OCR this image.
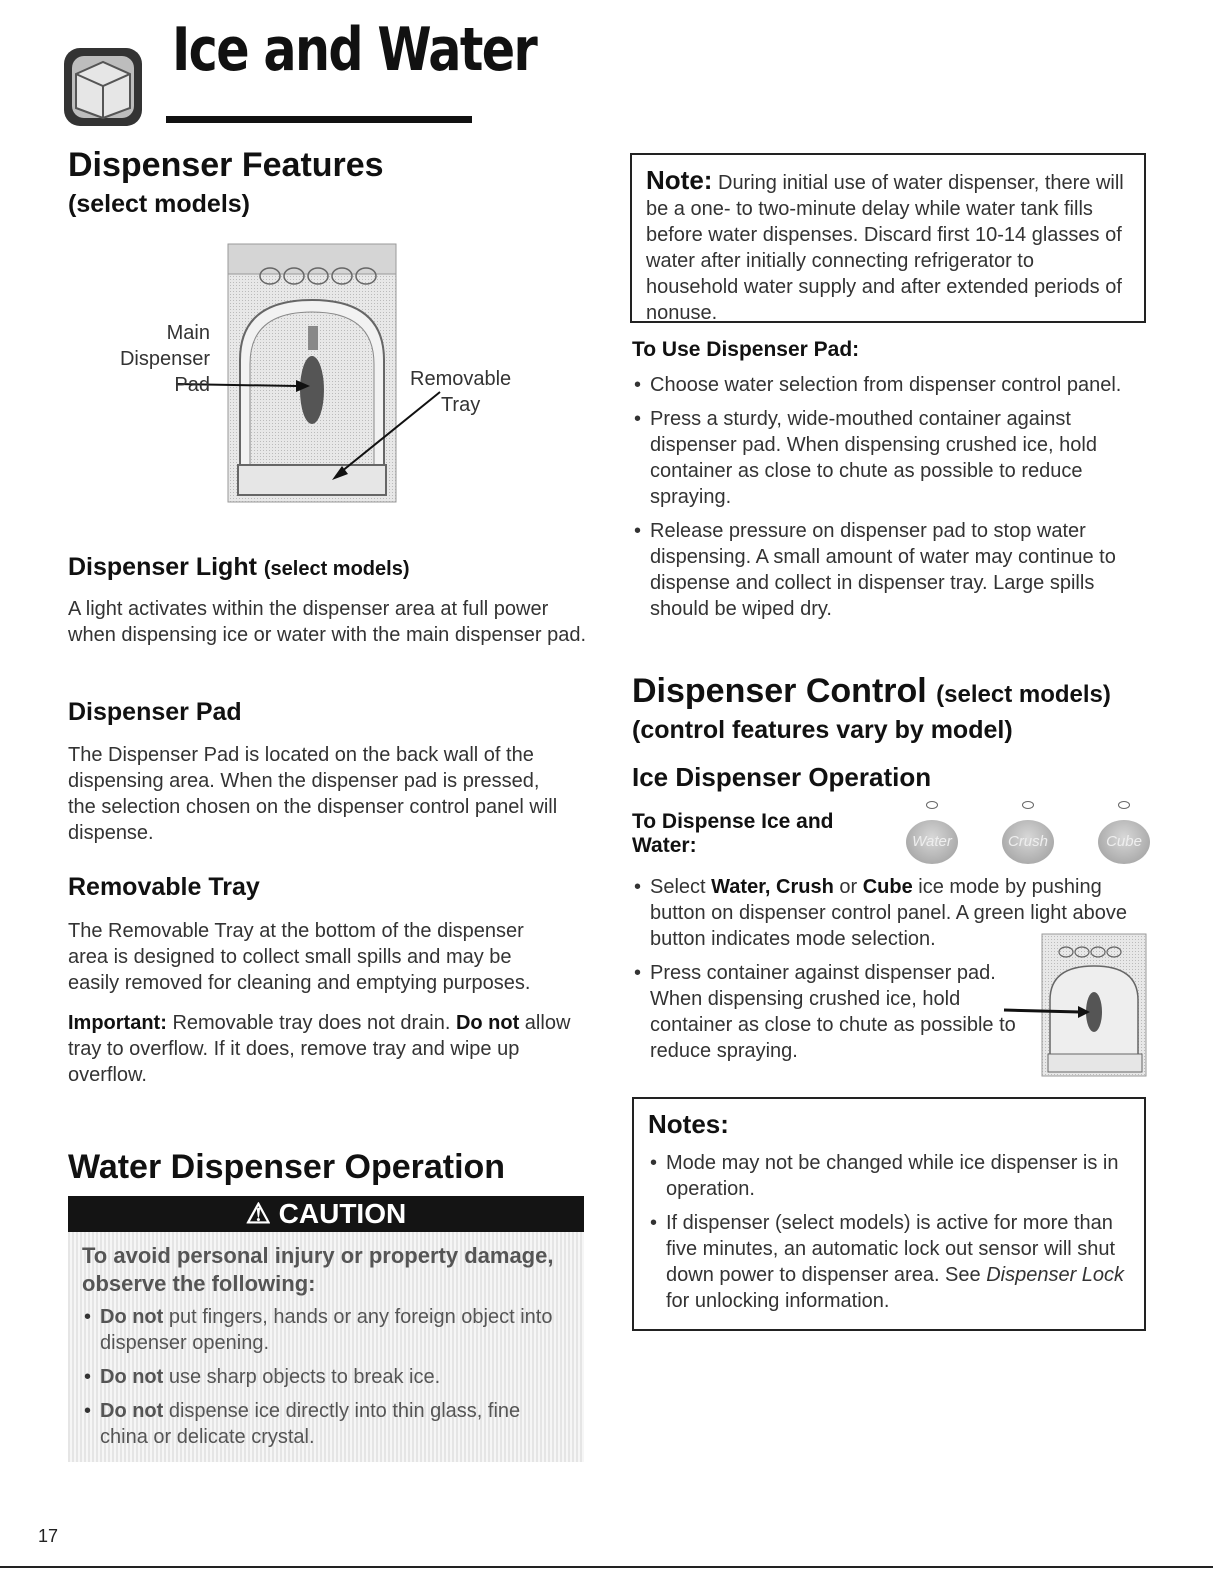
Ice and Water
Dispenser Features
(select models)
Main
Dispenser
Pad	Removable
Tray
Dispenser Light (select models)

A light activates within the dispenser area at full power when dispensing ice or water with the main dispenser pad.

Dispenser Pad

The Dispenser Pad is located on the back wall of the dispensing area. When the dispenser pad is pressed, the selection chosen on the dispenser control panel will dispense.

Removable Tray

The Removable Tray at the bottom of the dispenser area is designed to collect small spills and may be easily removed for cleaning and emptying purposes.

Important: Removable tray does not drain. Do not allow tray to overflow. If it does, remove tray and wipe up overflow.

Water Dispenser Operation
⚠ CAUTION
To avoid personal injury or property damage, observe the following:
• Do not put fingers, hands or any foreign object into dispenser opening.
• Do not use sharp objects to break ice.
• Do not dispense ice directly into thin glass, fine china or delicate crystal.

Note: During initial use of water dispenser, there will be a one- to two-minute delay while water tank fills before water dispenses. Discard first 10-14 glasses of water after initially connecting refrigerator to household water supply and after extended periods of nonuse.

To Use Dispenser Pad:
• Choose water selection from dispenser control panel.
• Press a sturdy, wide-mouthed container against dispenser pad. When dispensing crushed ice, hold container as close to chute as possible to reduce spraying.
• Release pressure on dispenser pad to stop water dispensing. A small amount of water may continue to dispense and collect in dispenser tray. Large spills should be wiped dry.
Dispenser Control (select models)
(control features vary by model)
Ice Dispenser Operation
To Dispense Ice and Water:	Water	Crush	Cube
• Select Water, Crush or Cube ice mode by pushing button on dispenser control panel. A green light above button indicates mode selection.
• Press container against dispenser pad. When dispensing crushed ice, hold container as close to chute as possible to reduce spraying.
Notes:
• Mode may not be changed while ice dispenser is in operation.
• If dispenser (select models) is active for more than five minutes, an automatic lock out sensor will shut down power to dispenser area. See Dispenser Lock for unlocking information.
17
